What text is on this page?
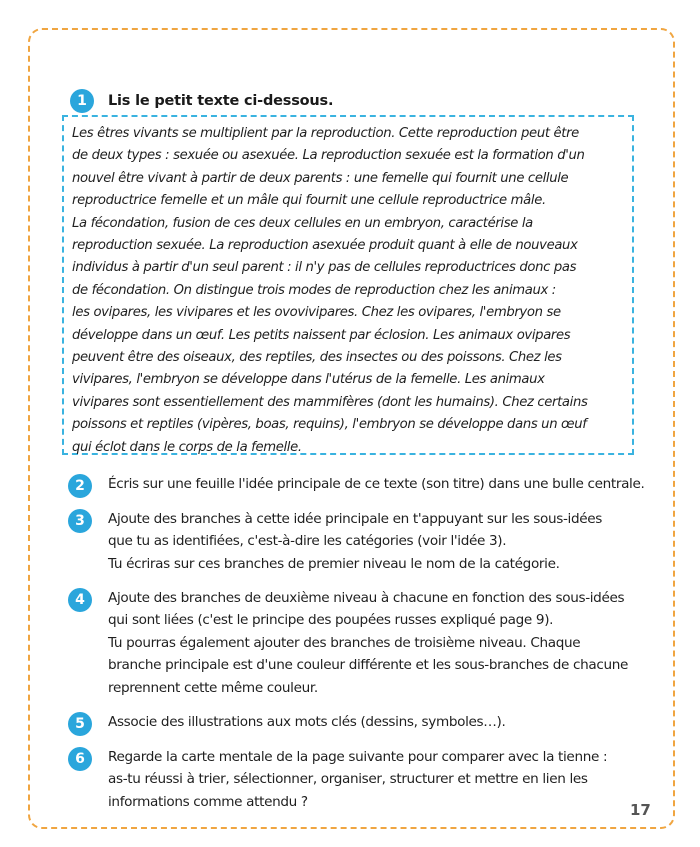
1	Lis le petit texte ci-dessous.
Les êtres vivants se multiplient par la reproduction. Cette reproduction peut être
de deux types : sexuée ou asexuée. La reproduction sexuée est la formation d'un
nouvel être vivant à partir de deux parents : une femelle qui fournit une cellule
reproductrice femelle et un mâle qui fournit une cellule reproductrice mâle.
La fécondation, fusion de ces deux cellules en un embryon, caractérise la
reproduction sexuée. La reproduction asexuée produit quant à elle de nouveaux
individus à partir d'un seul parent : il n'y pas de cellules reproductrices donc pas
de fécondation. On distingue trois modes de reproduction chez les animaux :
les ovipares, les vivipares et les ovovivipares. Chez les ovipares, l'embryon se
développe dans un œuf. Les petits naissent par éclosion. Les animaux ovipares
peuvent être des oiseaux, des reptiles, des insectes ou des poissons. Chez les
vivipares, l'embryon se développe dans l'utérus de la femelle. Les animaux
vivipares sont essentiellement des mammifères (dont les humains). Chez certains
poissons et reptiles (vipères, boas, requins), l'embryon se développe dans un œuf
qui éclot dans le corps de la femelle.
2	Écris sur une feuille l'idée principale de ce texte (son titre) dans une bulle centrale.
3	Ajoute des branches à cette idée principale en t'appuyant sur les sous-idées
que tu as identifiées, c'est-à-dire les catégories (voir l'idée 3).
Tu écriras sur ces branches de premier niveau le nom de la catégorie.
4	Ajoute des branches de deuxième niveau à chacune en fonction des sous-idées
qui sont liées (c'est le principe des poupées russes expliqué page 9).
Tu pourras également ajouter des branches de troisième niveau. Chaque
branche principale est d'une couleur différente et les sous-branches de chacune
reprennent cette même couleur.
5	Associe des illustrations aux mots clés (dessins, symboles…).
6	Regarde la carte mentale de la page suivante pour comparer avec la tienne :
as-tu réussi à trier, sélectionner, organiser, structurer et mettre en lien les
informations comme attendu ?	17
